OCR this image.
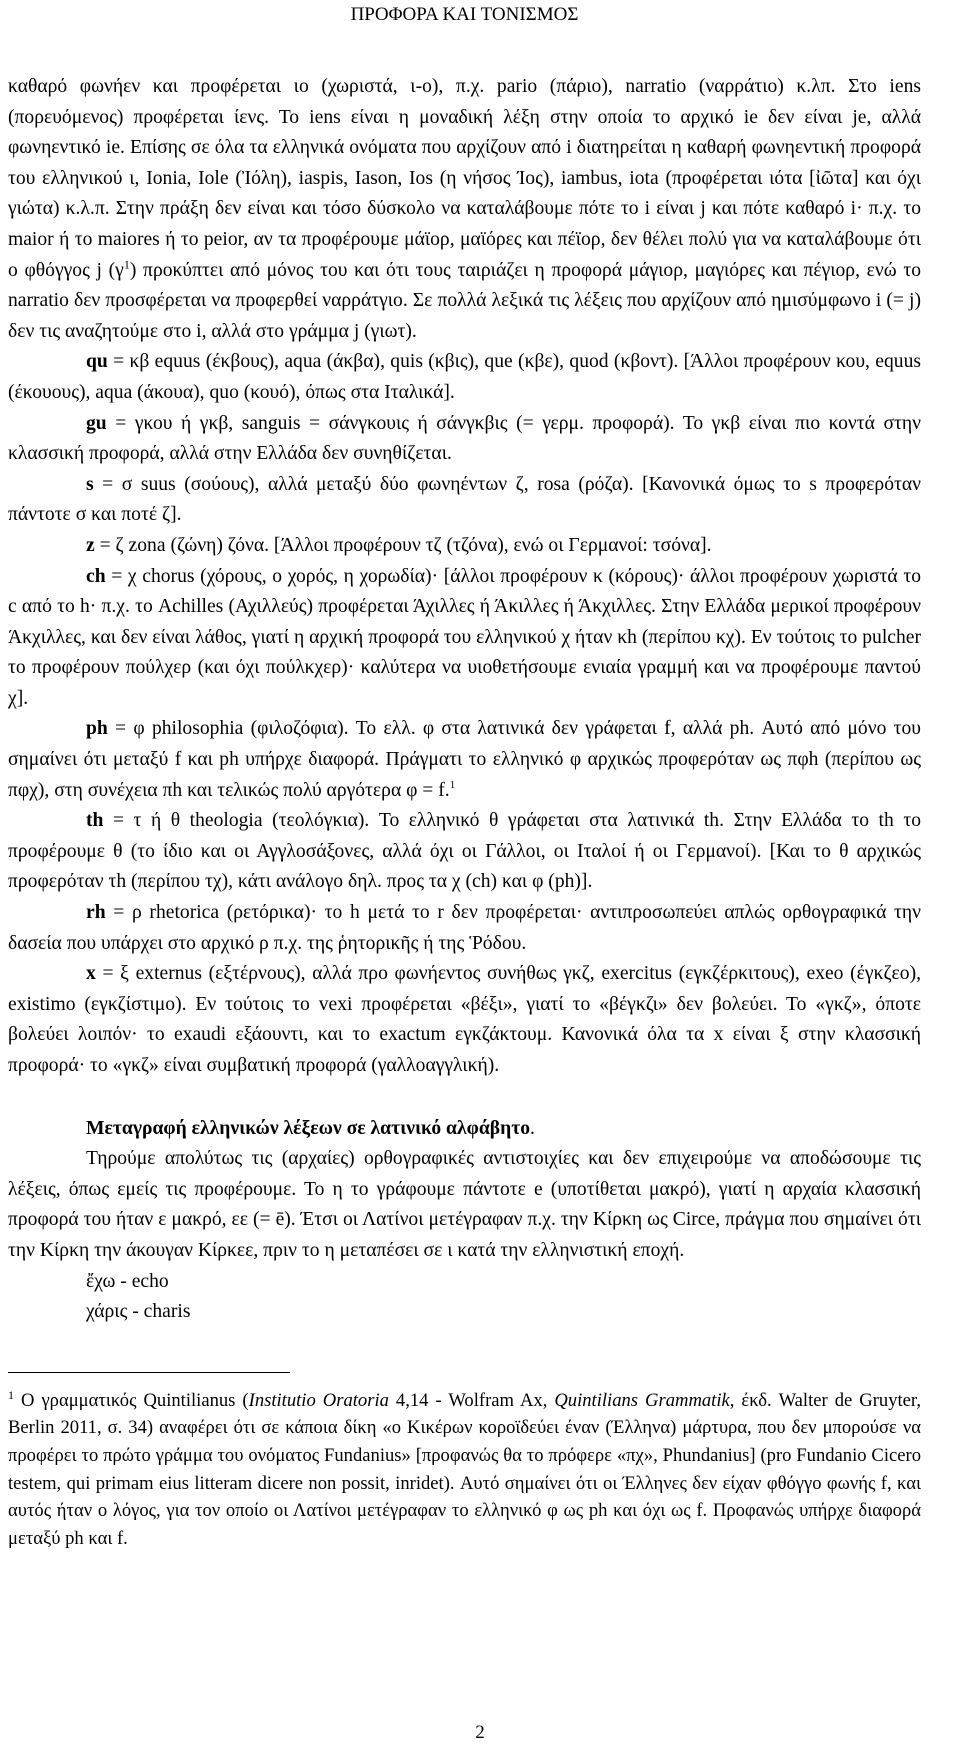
ΠΡΟΦΟΡΑ ΚΑΙ ΤΟΝΙΣΜΟΣ

καθαρό φωνήεν και προφέρεται ιο (χωριστά, ι-ο), π.χ. pario (πάριο), narratio (ναρράτιο) κ.λπ. Στο iens (πορευόμενος) προφέρεται ίενς. Το iens είναι η μοναδική λέξη στην οποία το αρχικό ie δεν είναι je, αλλά φωνηεντικό ie. Επίσης σε όλα τα ελληνικά ονόματα που αρχίζουν από i διατηρείται η καθαρή φωνηεντική προφορά του ελληνικού ι, Ionia, Iole (Ἰόλη), iaspis, Iason, Ios (η νήσος Ίος), iambus, iota (προφέρεται ιότα [ἰῶτα] και όχι γιώτα) κ.λ.π. Στην πράξη δεν είναι και τόσο δύσκολο να καταλάβουμε πότε το i είναι j και πότε καθαρό i· π.χ. το maior ή το maiores ή το peior, αν τα προφέρουμε μάϊορ, μαϊόρες και πέϊορ, δεν θέλει πολύ για να καταλάβουμε ότι ο φθόγγος j (γ$^1$) προκύπτει από μόνος του και ότι τους ταιριάζει η προφορά μάγιορ, μαγιόρες και πέγιορ, ενώ το narratio δεν προσφέρεται να προφερθεί ναρράτγιο. Σε πολλά λεξικά τις λέξεις που αρχίζουν από ημισύμφωνο i (= j) δεν τις αναζητούμε στο i, αλλά στο γράμμα j (γιωτ).

qu = κβ equus (έκβους), aqua (άκβα), quis (κβις), que (κβε), quod (κβοντ). [Άλλοι προφέρουν κου, equus (έκουους), aqua (άκουα), quo (κουό), όπως στα Ιταλικά].

gu = γκου ή γκβ, sanguis = σάνγκουις ή σάνγκβις (= γερμ. προφορά). Το γκβ είναι πιο κοντά στην κλασσική προφορά, αλλά στην Ελλάδα δεν συνηθίζεται.

s = σ suus (σούους), αλλά μεταξύ δύο φωνηέντων ζ, rosa (ρόζα). [Κανονικά όμως το s προφερόταν πάντοτε σ και ποτέ ζ].

z = ζ zona (ζώνη) ζόνα. [Άλλοι προφέρουν τζ (τζόνα), ενώ οι Γερμανοί: τσόνα].

ch = χ chorus (χόρους, ο χορός, η χορωδία)· [άλλοι προφέρουν κ (κόρους)· άλλοι προφέρουν χωριστά το c από το h· π.χ. το Achilles (Αχιλλεύς) προφέρεται Άχιλλες ή Άκιλλες ή Άκχιλλες. Στην Ελλάδα μερικοί προφέρουν Άκχιλλες, και δεν είναι λάθος, γιατί η αρχική προφορά του ελληνικού χ ήταν κh (περίπου κχ). Εν τούτοις το pulcher το προφέρουν πούλχερ (και όχι πούλκχερ)· καλύτερα να υιοθετήσουμε ενιαία γραμμή και να προφέρουμε παντού χ].

ph = φ philosophia (φιλοζόφια). Το ελλ. φ στα λατινικά δεν γράφεται f, αλλά ph. Αυτό από μόνο του σημαίνει ότι μεταξύ f και ph υπήρχε διαφορά. Πράγματι το ελληνικό φ αρχικώς προφερόταν ως πφh (περίπου ως πφχ), στη συνέχεια πh και τελικώς πολύ αργότερα φ = f.$^1$

th = τ ή θ theologia (τεολόγκια). Το ελληνικό θ γράφεται στα λατινικά th. Στην Ελλάδα το th το προφέρουμε θ (το ίδιο και οι Αγγλοσάξονες, αλλά όχι οι Γάλλοι, οι Ιταλοί ή οι Γερμανοί). [Και το θ αρχικώς προφερόταν τh (περίπου τχ), κάτι ανάλογο δηλ. προς τα χ (ch) και φ (ph)].

rh = ρ rhetorica (ρετόρικα)· το h μετά το r δεν προφέρεται· αντιπροσωπεύει απλώς ορθογραφικά την δασεία που υπάρχει στο αρχικό ρ π.χ. της ῥητορικῆς ή της Ῥόδου.

x = ξ externus (εξτέρνους), αλλά προ φωνήεντος συνήθως γκζ, exercitus (εγκζέρκιτους), exeo (έγκζεο), existimo (εγκζίστιμο). Εν τούτοις το vexi προφέρεται «βέξι», γιατί το «βέγκζι» δεν βολεύει. Το «γκζ», όποτε βολεύει λοιπόν· το exaudi εξάουντι, και το exactum εγκζάκτουμ. Κανονικά όλα τα x είναι ξ στην κλασσική προφορά· το «γκζ» είναι συμβατική προφορά (γαλλοαγγλική).

Μεταγραφή ελληνικών λέξεων σε λατινικό αλφάβητο.

Τηρούμε απολύτως τις (αρχαίες) ορθογραφικές αντιστοιχίες και δεν επιχειρούμε να αποδώσουμε τις λέξεις, όπως εμείς τις προφέρουμε. Το η το γράφουμε πάντοτε e (υποτίθεται μακρό), γιατί η αρχαία κλασσική προφορά του ήταν ε μακρό, εε (= ē). Έτσι οι Λατίνοι μετέγραφαν π.χ. την Κίρκη ως Circe, πράγμα που σημαίνει ότι την Κίρκη την άκουγαν Κίρκεε, πριν το η μεταπέσει σε ι κατά την ελληνιστική εποχή.

ἔχω - echo

χάρις - charis

$^1$ Ο γραμματικός Quintilianus (Institutio Oratoria 4,14 - Wolfram Ax, Quintilians Grammatik, έκδ. Walter de Gruyter, Berlin 2011, σ. 34) αναφέρει ότι σε κάποια δίκη «ο Κικέρων κοροϊδεύει έναν (Έλληνα) μάρτυρα, που δεν μπορούσε να προφέρει το πρώτο γράμμα του ονόματος Fundanius» [προφανώς θα το πρόφερε «πχ», Phundanius] (pro Fundanio Cicero testem, qui primam eius litteram dicere non possit, inridet). Αυτό σημαίνει ότι οι Έλληνες δεν είχαν φθόγγο φωνής f, και αυτός ήταν ο λόγος, για τον οποίο οι Λατίνοι μετέγραφαν το ελληνικό φ ως ph και όχι ως f. Προφανώς υπήρχε διαφορά μεταξύ ph και f.

2
